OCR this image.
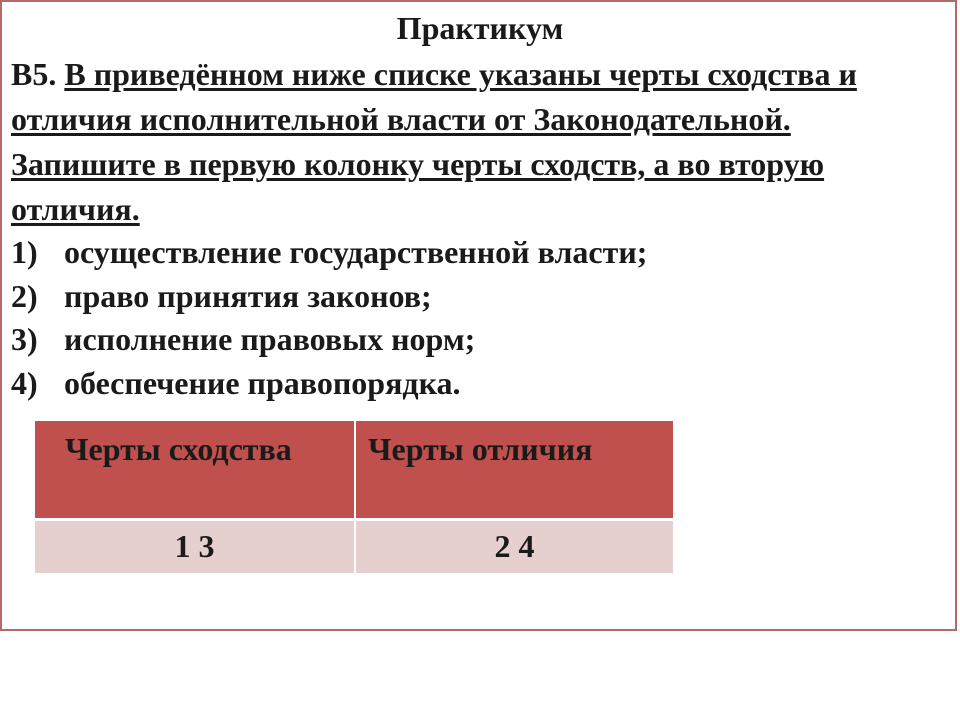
Практикум
В5. В приведённом ниже списке указаны черты сходства и отличия исполнительной власти от Законодательной. Запишите в первую колонку черты сходств, а во вторую отличия.
1) осуществление государственной власти;
2) право принятия законов;
3) исполнение правовых норм;
4) обеспечение правопорядка.
Черты сходства	Черты отличия
1 3	2 4
